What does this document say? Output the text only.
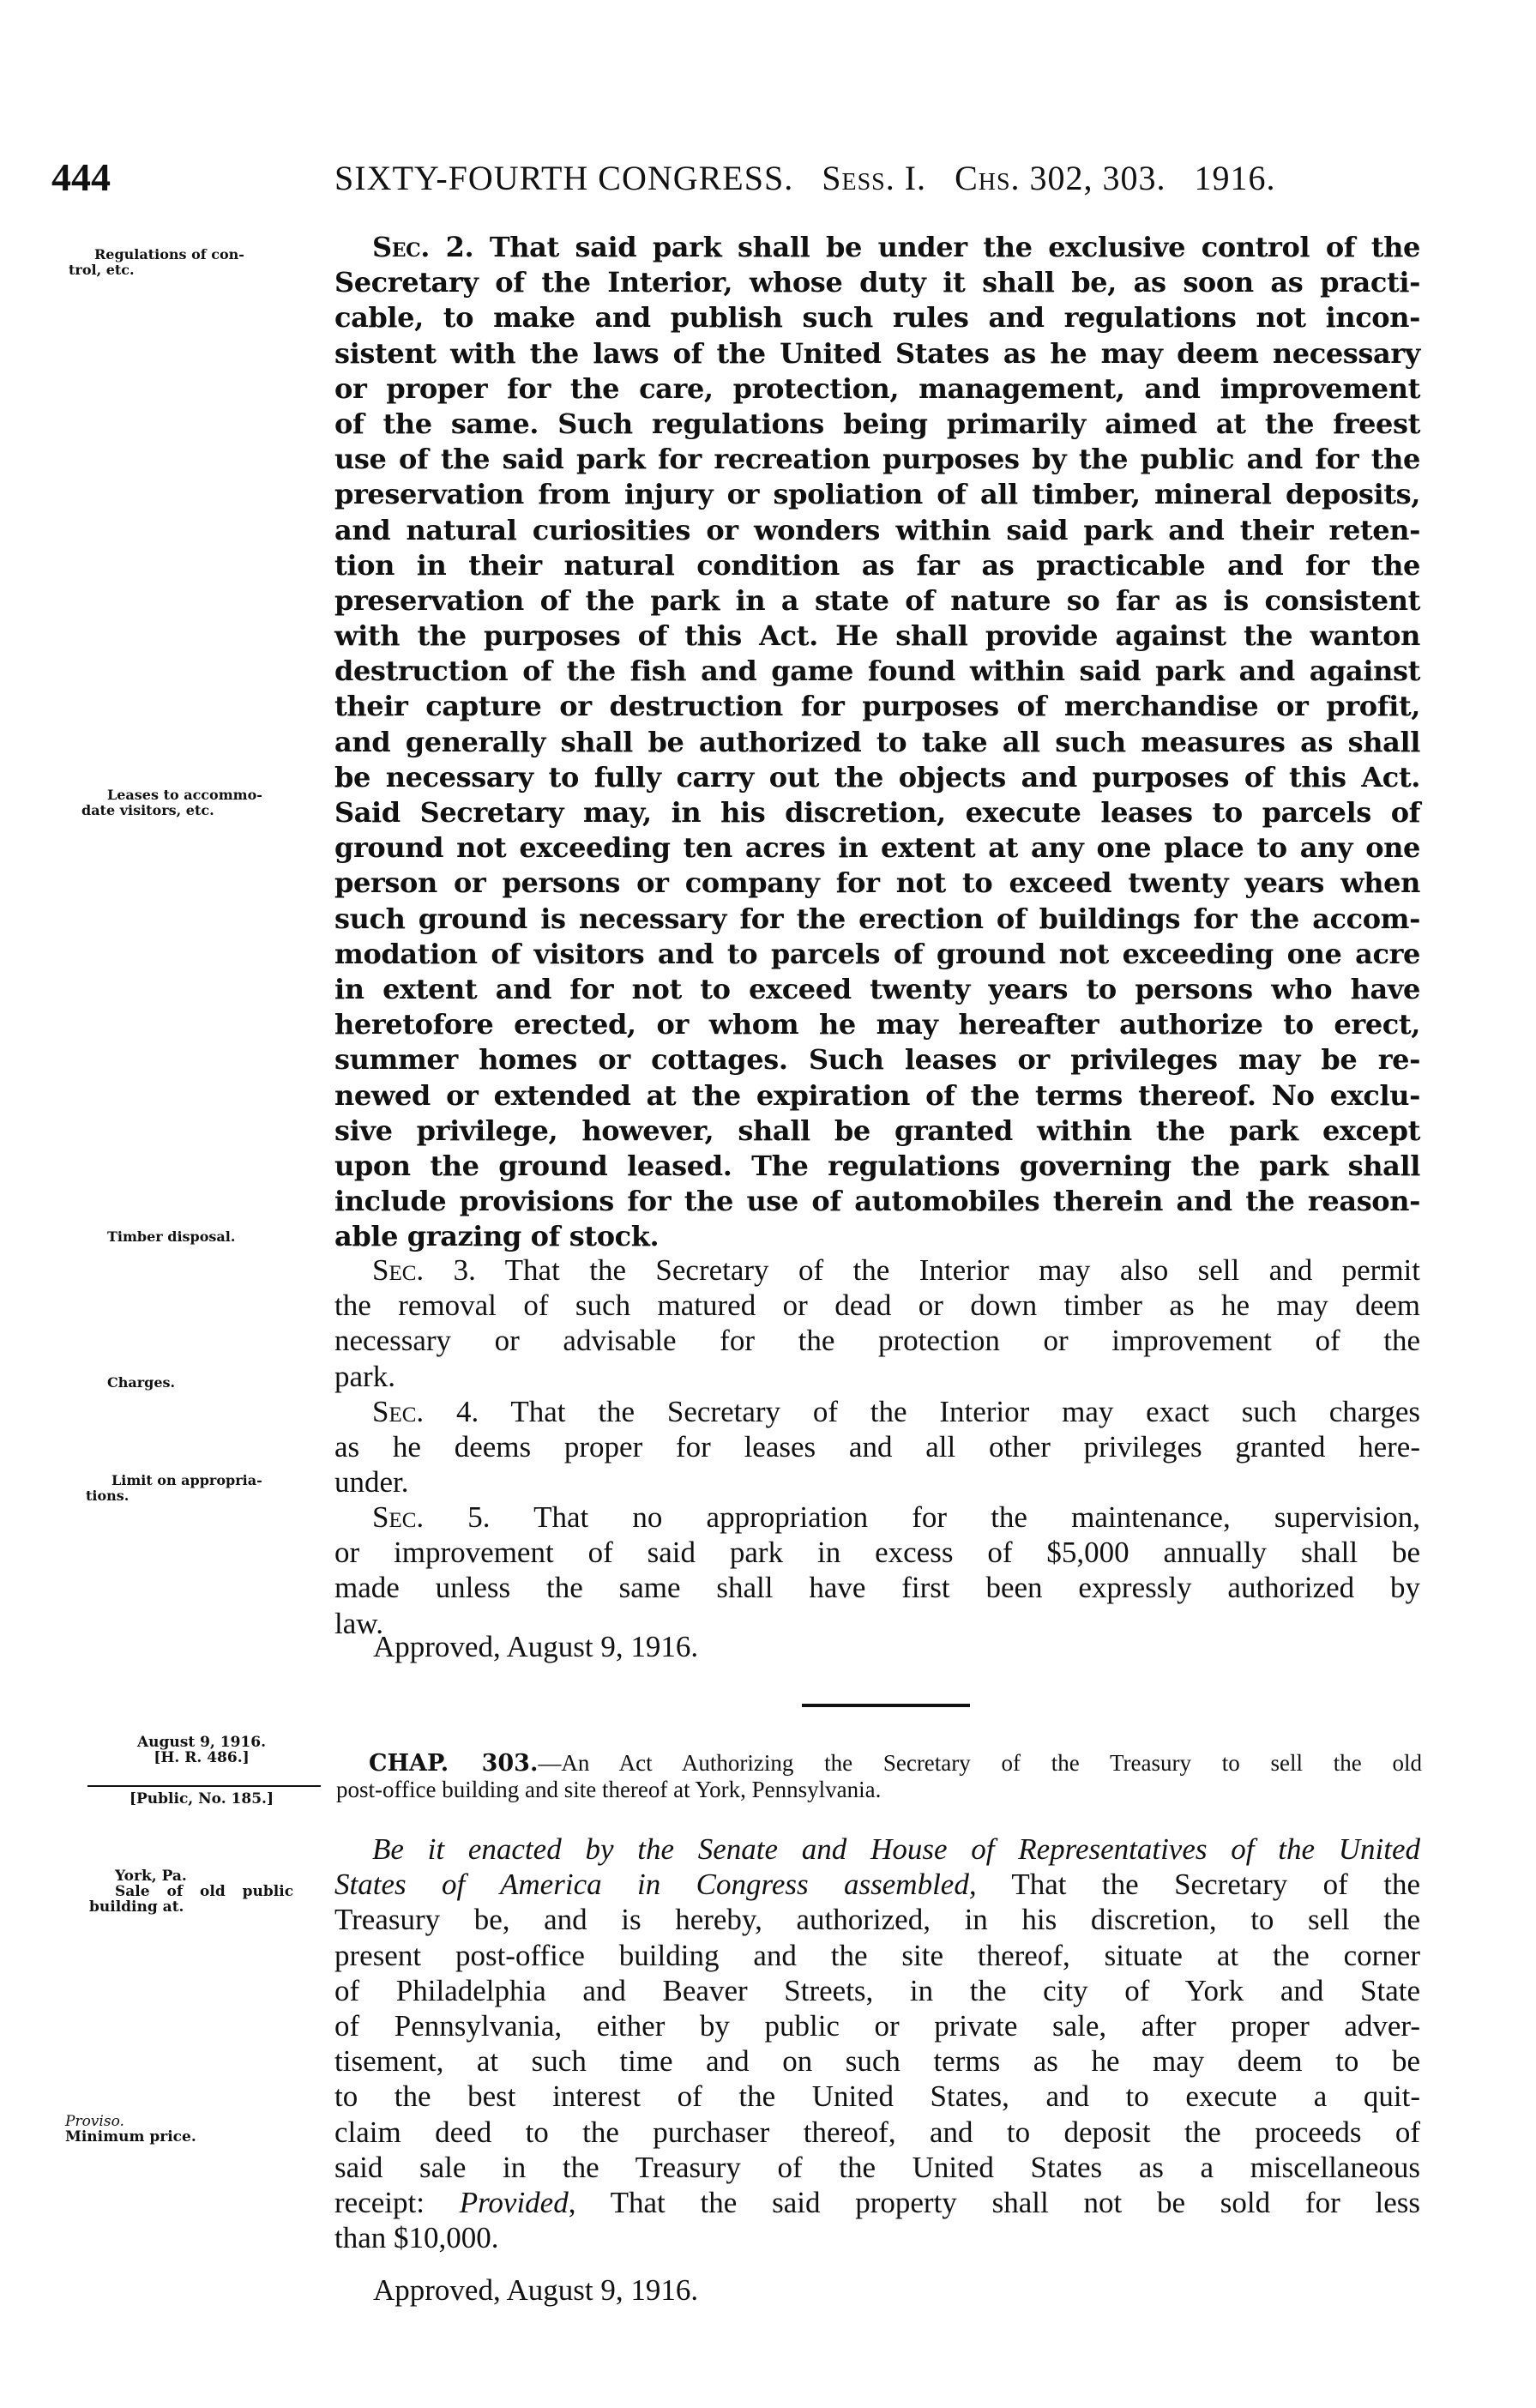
444	SIXTY-FOURTH CONGRESS. Sess. I. Chs. 302, 303. 1916.
Regulations of con-
trol, etc.
Leases to accommo-
date visitors, etc.
Timber disposal.
Charges.
Limit on appropria-
tions.
Sec. 2. That said park shall be under the exclusive control of the
Secretary of the Interior, whose duty it shall be, as soon as practi-
cable, to make and publish such rules and regulations not incon-
sistent with the laws of the United States as he may deem necessary
or proper for the care, protection, management, and improvement
of the same. Such regulations being primarily aimed at the freest
use of the said park for recreation purposes by the public and for the
preservation from injury or spoliation of all timber, mineral deposits,
and natural curiosities or wonders within said park and their reten-
tion in their natural condition as far as practicable and for the
preservation of the park in a state of nature so far as is consistent
with the purposes of this Act. He shall provide against the wanton
destruction of the fish and game found within said park and against
their capture or destruction for purposes of merchandise or profit,
and generally shall be authorized to take all such measures as shall
be necessary to fully carry out the objects and purposes of this Act.
Said Secretary may, in his discretion, execute leases to parcels of
ground not exceeding ten acres in extent at any one place to any one
person or persons or company for not to exceed twenty years when
such ground is necessary for the erection of buildings for the accom-
modation of visitors and to parcels of ground not exceeding one acre
in extent and for not to exceed twenty years to persons who have
heretofore erected, or whom he may hereafter authorize to erect,
summer homes or cottages. Such leases or privileges may be re-
newed or extended at the expiration of the terms thereof. No exclu-
sive privilege, however, shall be granted within the park except
upon the ground leased. The regulations governing the park shall
include provisions for the use of automobiles therein and the reason-
able grazing of stock.
Sec. 3. That the Secretary of the Interior may also sell and permit
the removal of such matured or dead or down timber as he may deem
necessary or advisable for the protection or improvement of the
park.
Sec. 4. That the Secretary of the Interior may exact such charges
as he deems proper for leases and all other privileges granted here-
under.
Sec. 5. That no appropriation for the maintenance, supervision,
or improvement of said park in excess of $5,000 annually shall be
made unless the same shall have first been expressly authorized by
law.
Approved, August 9, 1916.
August 9, 1916.
[H. R. 486.]
[Public, No. 185.]
York, Pa.
Sale of old public
building at.
Proviso.
Minimum price.
CHAP. 303.—An Act Authorizing the Secretary of the Treasury to sell the old
post-office building and site thereof at York, Pennsylvania.
Be it enacted by the Senate and House of Representatives of the United
States of America in Congress assembled, That the Secretary of the
Treasury be, and is hereby, authorized, in his discretion, to sell the
present post-office building and the site thereof, situate at the corner
of Philadelphia and Beaver Streets, in the city of York and State
of Pennsylvania, either by public or private sale, after proper adver-
tisement, at such time and on such terms as he may deem to be
to the best interest of the United States, and to execute a quit-
claim deed to the purchaser thereof, and to deposit the proceeds of
said sale in the Treasury of the United States as a miscellaneous
receipt: Provided, That the said property shall not be sold for less
than $10,000.
Approved, August 9, 1916.
